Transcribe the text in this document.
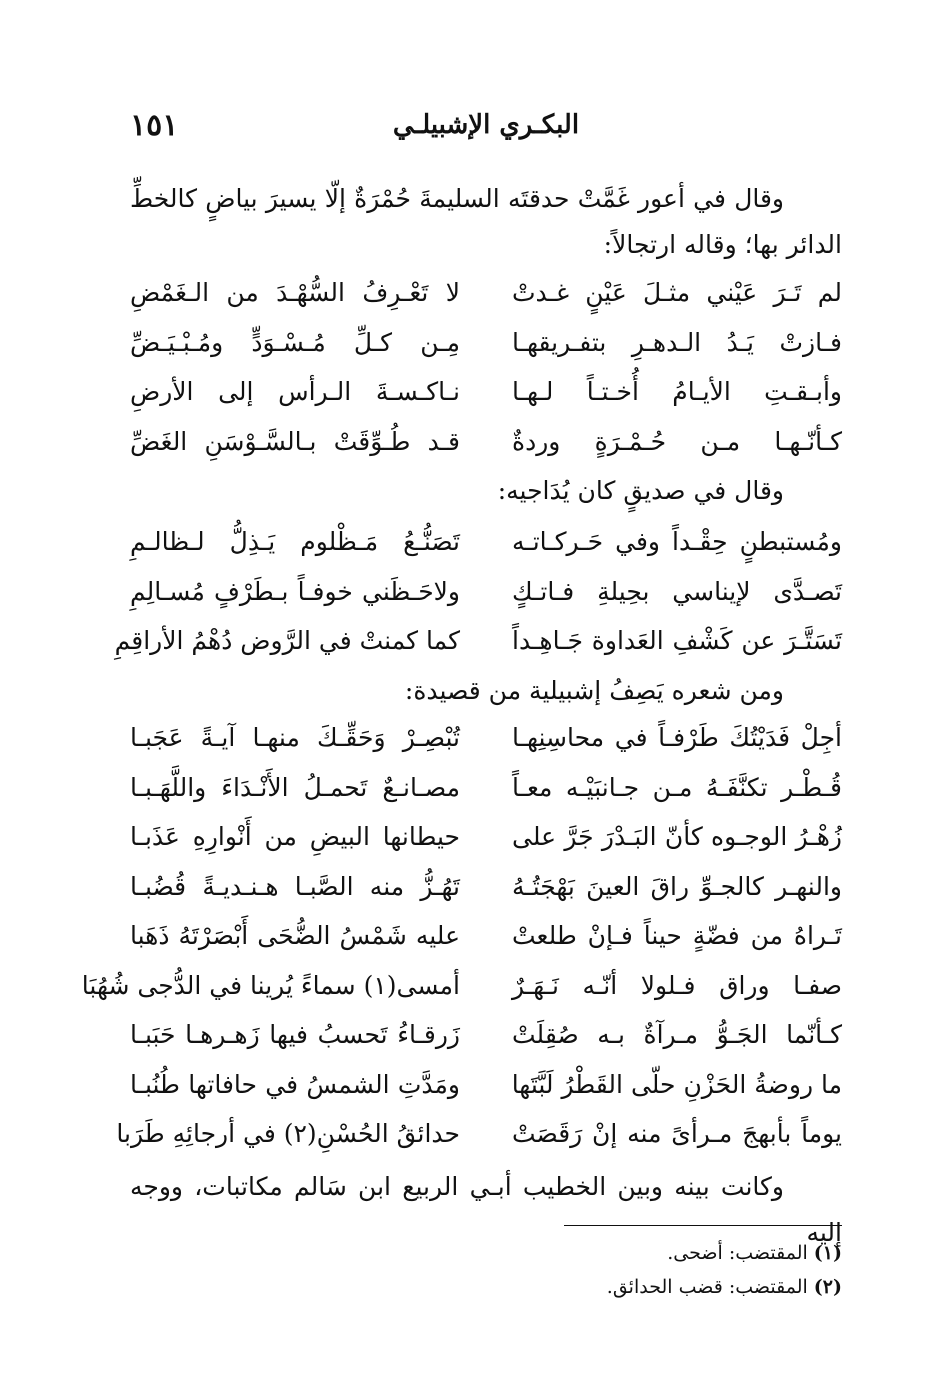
١٥١	البكـري الإشبيلـي

وقال في أعور غَمَّتْ حدقتَه السليمةَ حُمْرَةٌ إلّا يسيرَ بياضٍ كالخطِّ الدائر بها؛ وقاله ارتجالاً:

لم تَـرَ عَيْني مثـلَ عَيْنٍ غـدتْ
لا تَعْـرِفُ السُّهْـدَ من الـغَمْضِ
فـازتْ يَـدُ الـدهـرِ بتفـريقهـا
مِـن كـلِّ مُـسْـوَدٍّ ومُـبْـيَـضِّ
وأبـقـتِ الأيـامُ أُخـتـاً لـهـا
نـاكـسـةَ الـرأس إلى الأرضِ
كـأنّـهـا مـن حُـمْـرَةٍ وردةٌ
قـد طُـوِّقَتْ بـالسَّـوْسَنِ الغَضِّ

وقال في صديقٍ كان يُدَاجيه:

ومُستبطنٍ حِقْـداً وفي حَـركـاتـه
تَصَنُّـعُ مَـظْلوم يَـذِلُّ لـظالـمِ
تَصـدَّى لإيناسي بحِيلةِ فـاتـكٍ
ولاحَـظَني خوفـاً بـطَرْفٍ مُسـالِمِ
تَسَتَّـرَ عن كَشْفِ العَداوة جَـاهِـداً
كما كمنتْ في الرَّوض دُهْمُ الأراقِمِ

ومن شعره يَصِفُ إشبيلية من قصيدة:

أجِلْ فَدَيْتُكَ طَرْفـاً في محاسِنِهـا
تُبْصِـرْ وَحَقِّـكَ منهـا آيـةً عَجَبـا
قُـطْـر تكنَّفَـهُ مـن جـانبَيْـه معـاً
مصـانـعٌ تَحمـلُ الأَنْـدَاءَ واللَّهَـبـا
زُهْـرُ الوجـوه كأنّ البَـدْرَ جَرَّ على
حيطانها البيضِ من أَنْوارِهِ عَذَبـا
والنهـر كالجـوِّ راقَ العينَ بَهْجَتُـهُ
تَهُـزُّ منه الصَّبـا هـنـديـةً قُضُبـا
تَـراهُ من فضّةٍ حيناً فـإنْ طلعتْ
عليه شَمْسُ الضُّحَى أَبْصَرْتَهُ ذَهَبا
صفـا وراق فـلولا أنّـه نَـهَـرٌ
أمسى(١) سماءً يُرينا في الدُّجى شُهُبَا
كـأنّما الجَـوُّ مـرآةٌ بـه صُقِلَتْ
زَرقـاءُ تَحسبُ فيها زَهـرهـا حَبَبـا
ما روضةُ الحَزْنِ حلّى القَطْرُ لَبَّتَها
ومَدَّتِ الشمسُ في حافاتها طُنُبـا
يوماً بأبهجَ مـرأىً منه إنْ رَقَصَتْ
حدائقُ الحُسْنِ(٢) في أرجائِهِ طَرَبا

وكانت بينه وبين الخطيب أبـي الربيع ابن سَالم مكاتبات، ووجه إليه

(١)المقتضب: أضحى.
(٢)المقتضب: قضب الحدائق.
